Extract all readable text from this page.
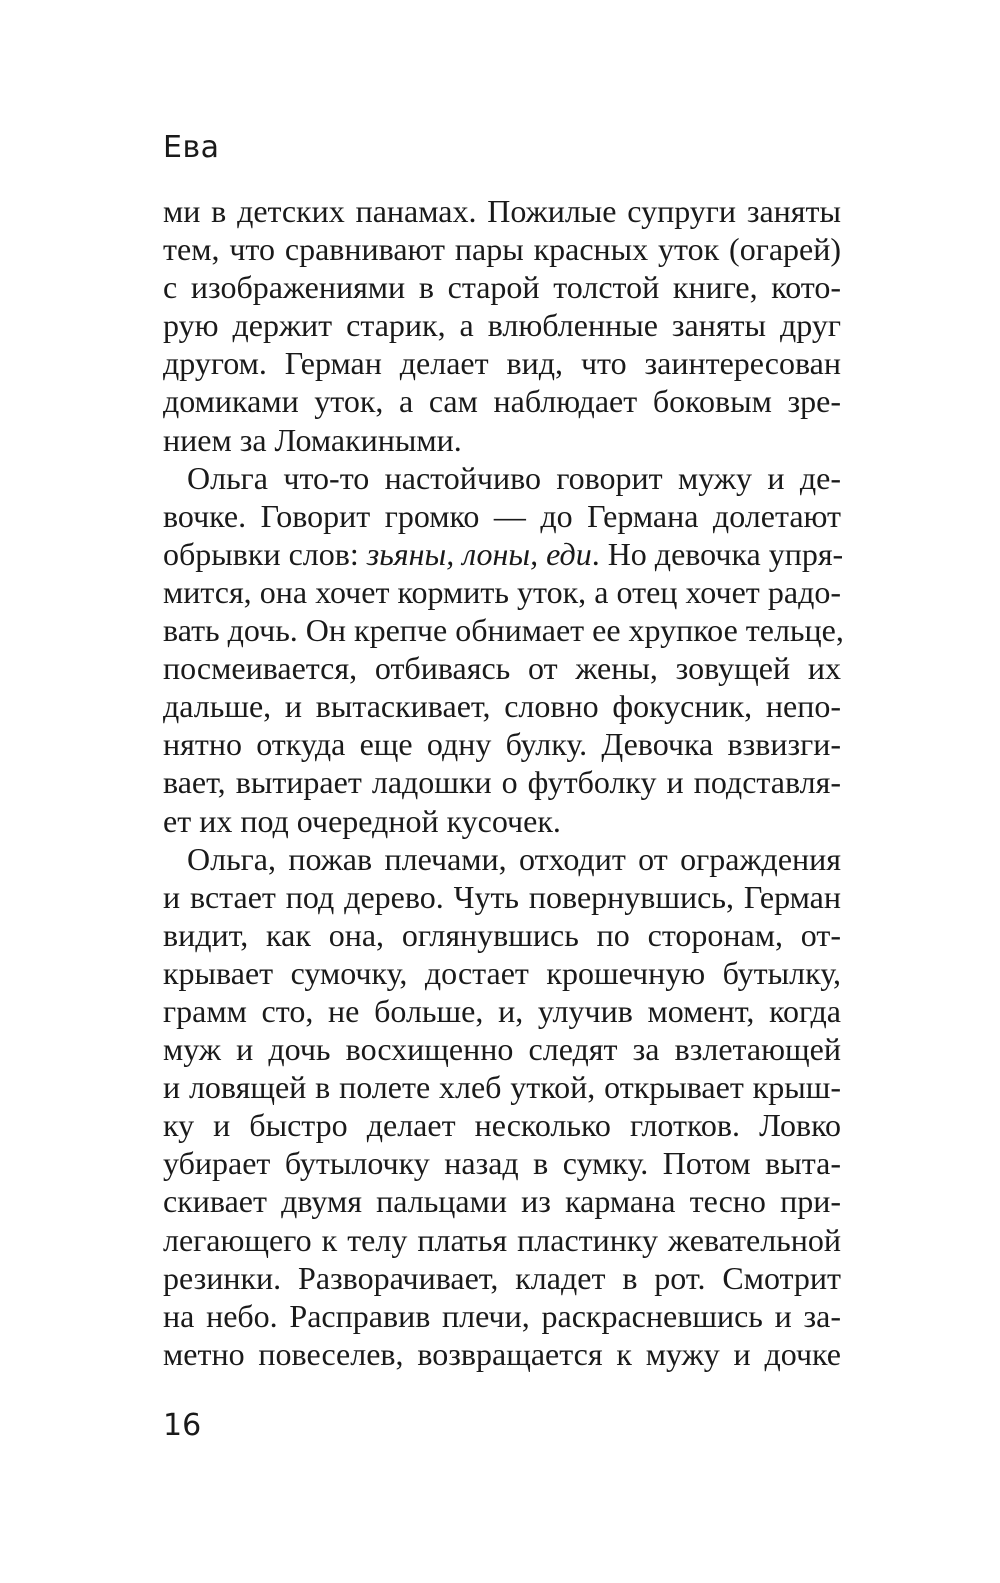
Ева
ми в детских панамах. Пожилые супруги заняты
тем, что сравнивают пары красных уток (огарей)
с изображениями в старой толстой книге, кото-
рую держит старик, а влюбленные заняты друг
другом. Герман делает вид, что заинтересован
домиками уток, а сам наблюдает боковым зре-
нием за Ломакиными.
Ольга что-то настойчиво говорит мужу и де-
вочке. Говорит громко — до Германа долетают
обрывки слов: зьяны, лоны, еди. Но девочка упря-
мится, она хочет кормить уток, а отец хочет радо-
вать дочь. Он крепче обнимает ее хрупкое тельце,
посмеивается, отбиваясь от жены, зовущей их
дальше, и вытаскивает, словно фокусник, непо-
нятно откуда еще одну булку. Девочка взвизги-
вает, вытирает ладошки о футболку и подставля-
ет их под очередной кусочек.
Ольга, пожав плечами, отходит от ограждения
и встает под дерево. Чуть повернувшись, Герман
видит, как она, оглянувшись по сторонам, от-
крывает сумочку, достает крошечную бутылку,
грамм сто, не больше, и, улучив момент, когда
муж и дочь восхищенно следят за взлетающей
и ловящей в полете хлеб уткой, открывает крыш-
ку и быстро делает несколько глотков. Ловко
убирает бутылочку назад в сумку. Потом выта-
скивает двумя пальцами из кармана тесно при-
легающего к телу платья пластинку жевательной
резинки. Разворачивает, кладет в рот. Смотрит
на небо. Расправив плечи, раскрасневшись и за-
метно повеселев, возвращается к мужу и дочке
16
